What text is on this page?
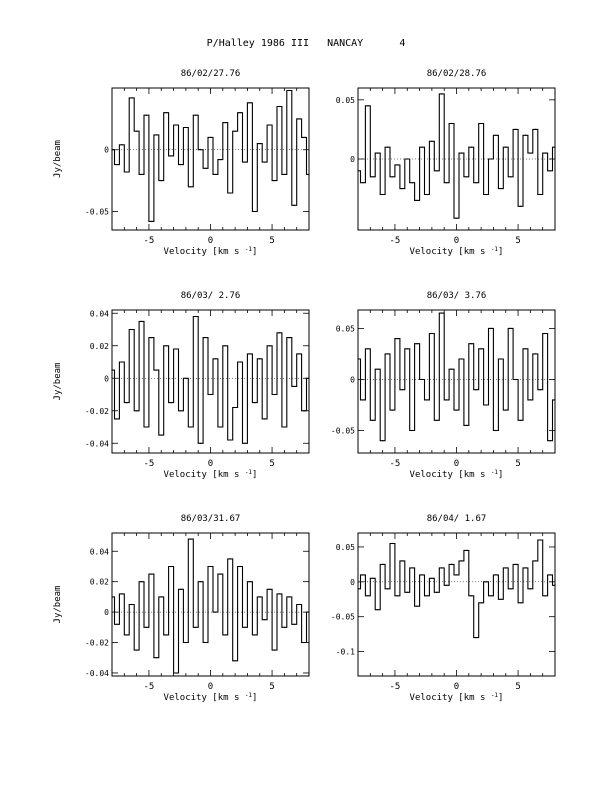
P/Halley 1986 III   NANCAY      4
86/02/27.76
-5	0	5
-0.05
0
Velocity [km s $^{-1}$]
Jy/beam
86/02/28.76
-5	0	5
0
0.05
Velocity [km s $^{-1}$]
86/03/ 2.76
-5	0	5
-0.04
-0.02
0
0.02
0.04
Velocity [km s $^{-1}$]
Jy/beam
86/03/ 3.76
-5	0	5
-0.05
0
0.05
Velocity [km s $^{-1}$]
86/03/31.67
-5	0	5
-0.04
-0.02
0
0.02
0.04
Velocity [km s $^{-1}$]
Jy/beam
86/04/ 1.67
-5	0	5
-0.1
-0.05
0
0.05
Velocity [km s $^{-1}$]
